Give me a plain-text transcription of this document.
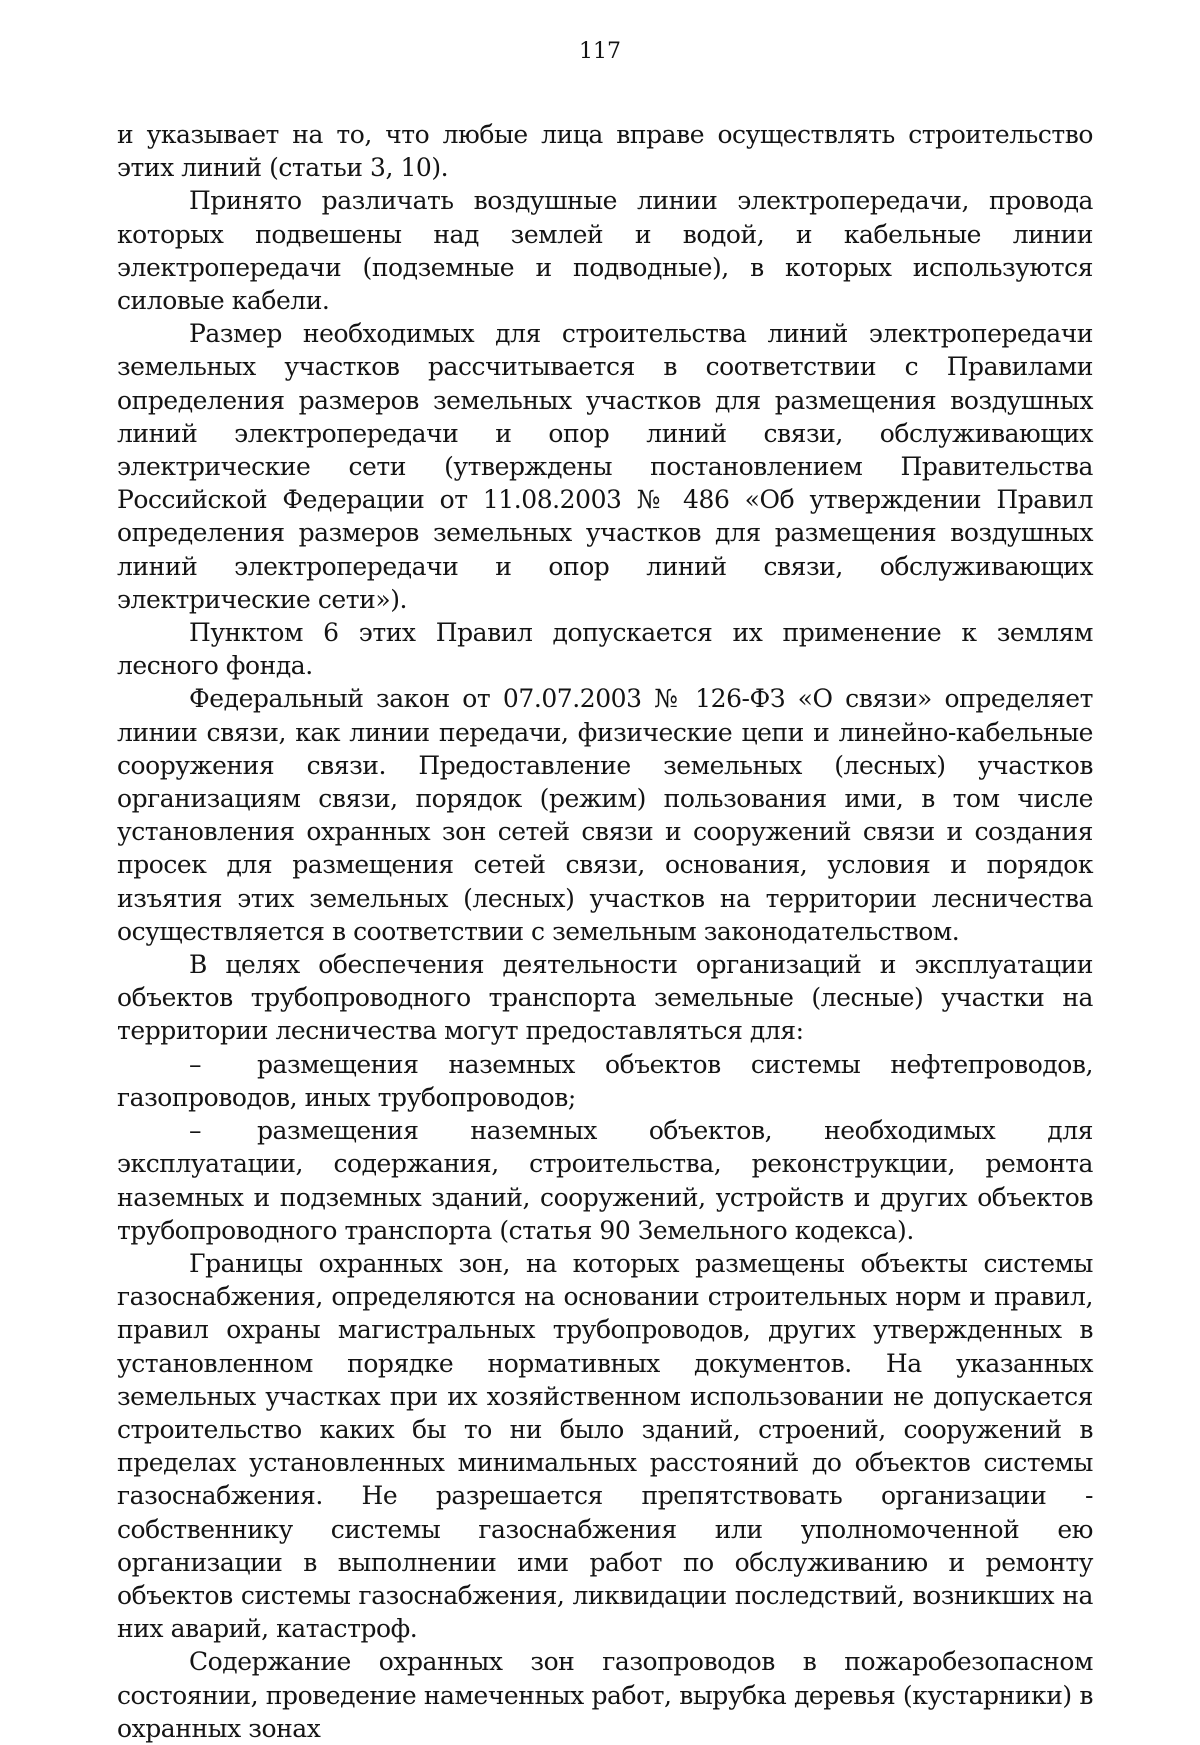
117

и указывает на то, что любые лица вправе осуществлять строительство этих линий (статьи 3, 10).

Принято различать воздушные линии электропередачи, провода которых подвешены над землей и водой, и кабельные линии электропередачи (подземные и подводные), в которых используются силовые кабели.

Размер необходимых для строительства линий электропередачи земельных участков рассчитывается в соответствии с Правилами определения размеров земельных участков для размещения воздушных линий электропередачи и опор линий связи, обслуживающих электрические сети (утверждены постановлением Правительства Российской Федерации от 11.08.2003 № 486 «Об утверждении Правил определения размеров земельных участков для размещения воздушных линий электропередачи и опор линий связи, обслуживающих электрические сети»).

Пунктом 6 этих Правил допускается их применение к землям лесного фонда.

Федеральный закон от 07.07.2003 № 126-ФЗ «О связи» определяет линии связи, как линии передачи, физические цепи и линейно-кабельные сооружения связи. Предоставление земельных (лесных) участков организациям связи, порядок (режим) пользования ими, в том числе установления охранных зон сетей связи и сооружений связи и создания просек для размещения сетей связи, основания, условия и порядок изъятия этих земельных (лесных) участков на территории лесничества осуществляется в соответствии с земельным законодательством.

В целях обеспечения деятельности организаций и эксплуатации объектов трубопроводного транспорта земельные (лесные) участки на территории лесничества могут предоставляться для:

– размещения наземных объектов системы нефтепроводов, газопроводов, иных трубопроводов;

– размещения наземных объектов, необходимых для эксплуатации, содержания, строительства, реконструкции, ремонта наземных и подземных зданий, сооружений, устройств и других объектов трубопроводного транспорта (статья 90 Земельного кодекса).

Границы охранных зон, на которых размещены объекты системы газоснабжения, определяются на основании строительных норм и правил, правил охраны магистральных трубопроводов, других утвержденных в установленном порядке нормативных документов. На указанных земельных участках при их хозяйственном использовании не допускается строительство каких бы то ни было зданий, строений, сооружений в пределах установленных минимальных расстояний до объектов системы газоснабжения. Не разрешается препятствовать организации - собственнику системы газоснабжения или уполномоченной ею организации в выполнении ими работ по обслуживанию и ремонту объектов системы газоснабжения, ликвидации последствий, возникших на них аварий, катастроф.

Содержание охранных зон газопроводов в пожаробезопасном состоянии, проведение намеченных работ, вырубка деревья (кустарники) в охранных зонах
